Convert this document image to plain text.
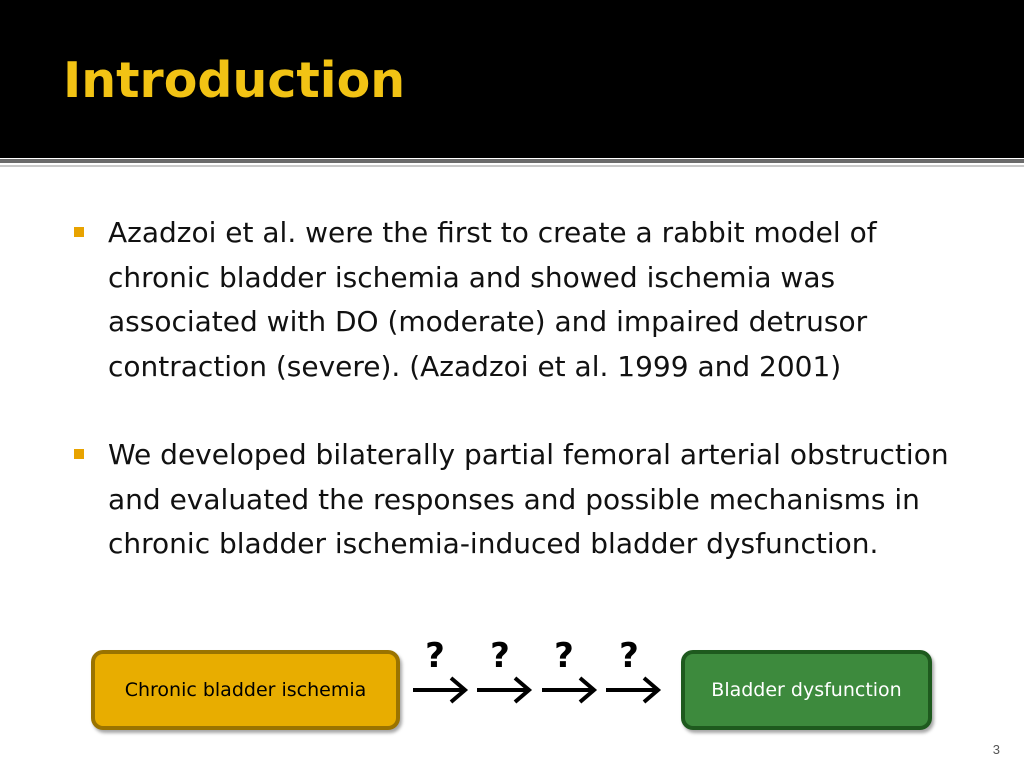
Introduction
Azadzoi et al. were the first to create a rabbit model of chronic bladder ischemia and showed ischemia was associated with DO (moderate) and impaired detrusor contraction (severe). (Azadzoi et al. 1999 and 2001)
We developed bilaterally partial femoral arterial obstruction and evaluated the responses and possible mechanisms in chronic bladder ischemia-induced bladder dysfunction.
Chronic bladder ischemia
? ? ? ?
Bladder dysfunction
3
